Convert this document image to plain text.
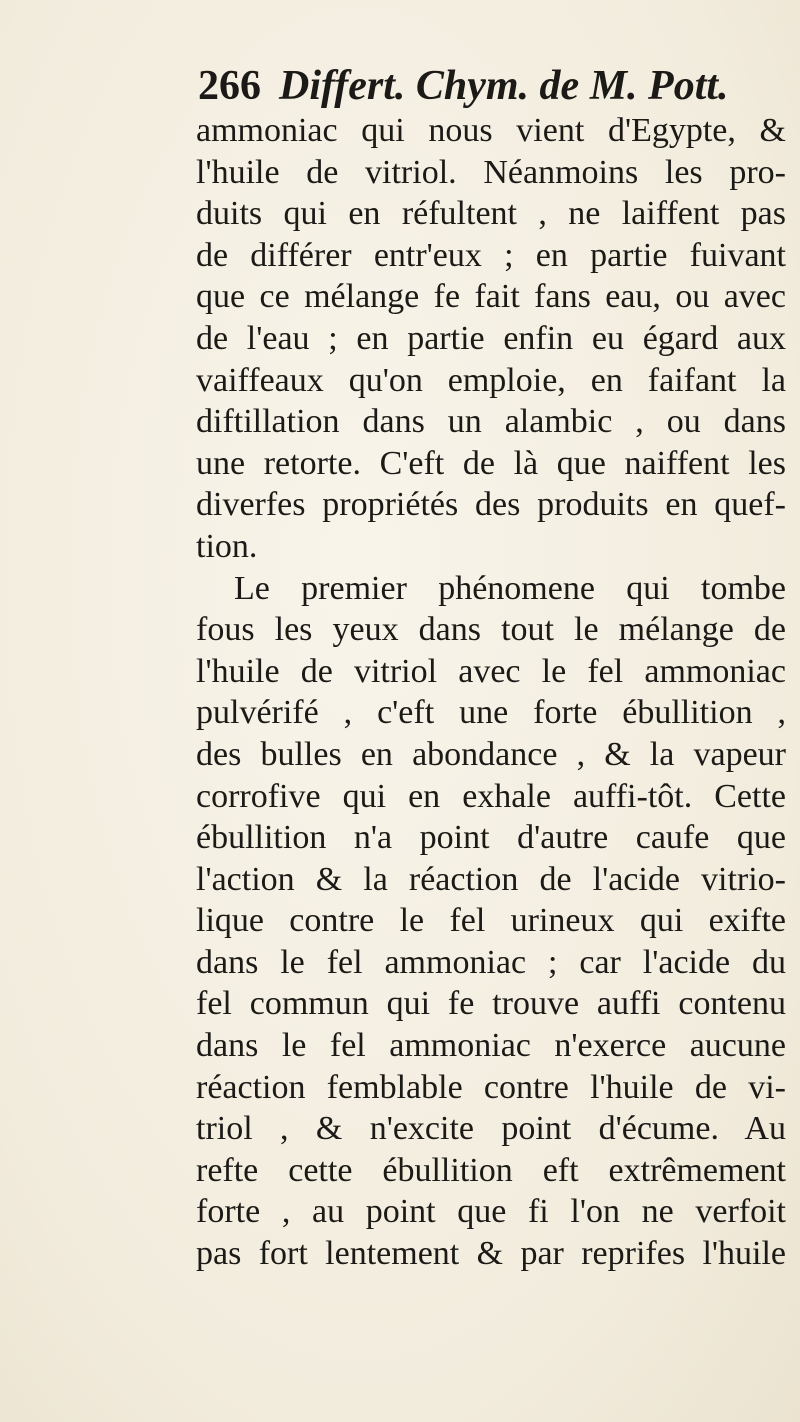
266 Differt. Chym. de M. Pott.
ammoniac qui nous vient d'Egypte, &
l'huile de vitriol. Néanmoins les pro-
duits qui en réfultent , ne laiffent pas
de différer entr'eux ; en partie fuivant
que ce mélange fe fait fans eau, ou avec
de l'eau ; en partie enfin eu égard aux
vaiffeaux qu'on emploie, en faifant la
diftillation dans un alambic , ou dans
une retorte. C'eft de là que naiffent les
diverfes propriétés des produits en quef-
tion.
Le premier phénomene qui tombe
fous les yeux dans tout le mélange de
l'huile de vitriol avec le fel ammoniac
pulvérifé , c'eft une forte ébullition ,
des bulles en abondance , & la vapeur
corrofive qui en exhale auffi-tôt. Cette
ébullition n'a point d'autre caufe que
l'action & la réaction de l'acide vitrio-
lique contre le fel urineux qui exifte
dans le fel ammoniac ; car l'acide du
fel commun qui fe trouve auffi contenu
dans le fel ammoniac n'exerce aucune
réaction femblable contre l'huile de vi-
triol , & n'excite point d'écume. Au
refte cette ébullition eft extrêmement
forte , au point que fi l'on ne verfoit
pas fort lentement & par reprifes l'huile
